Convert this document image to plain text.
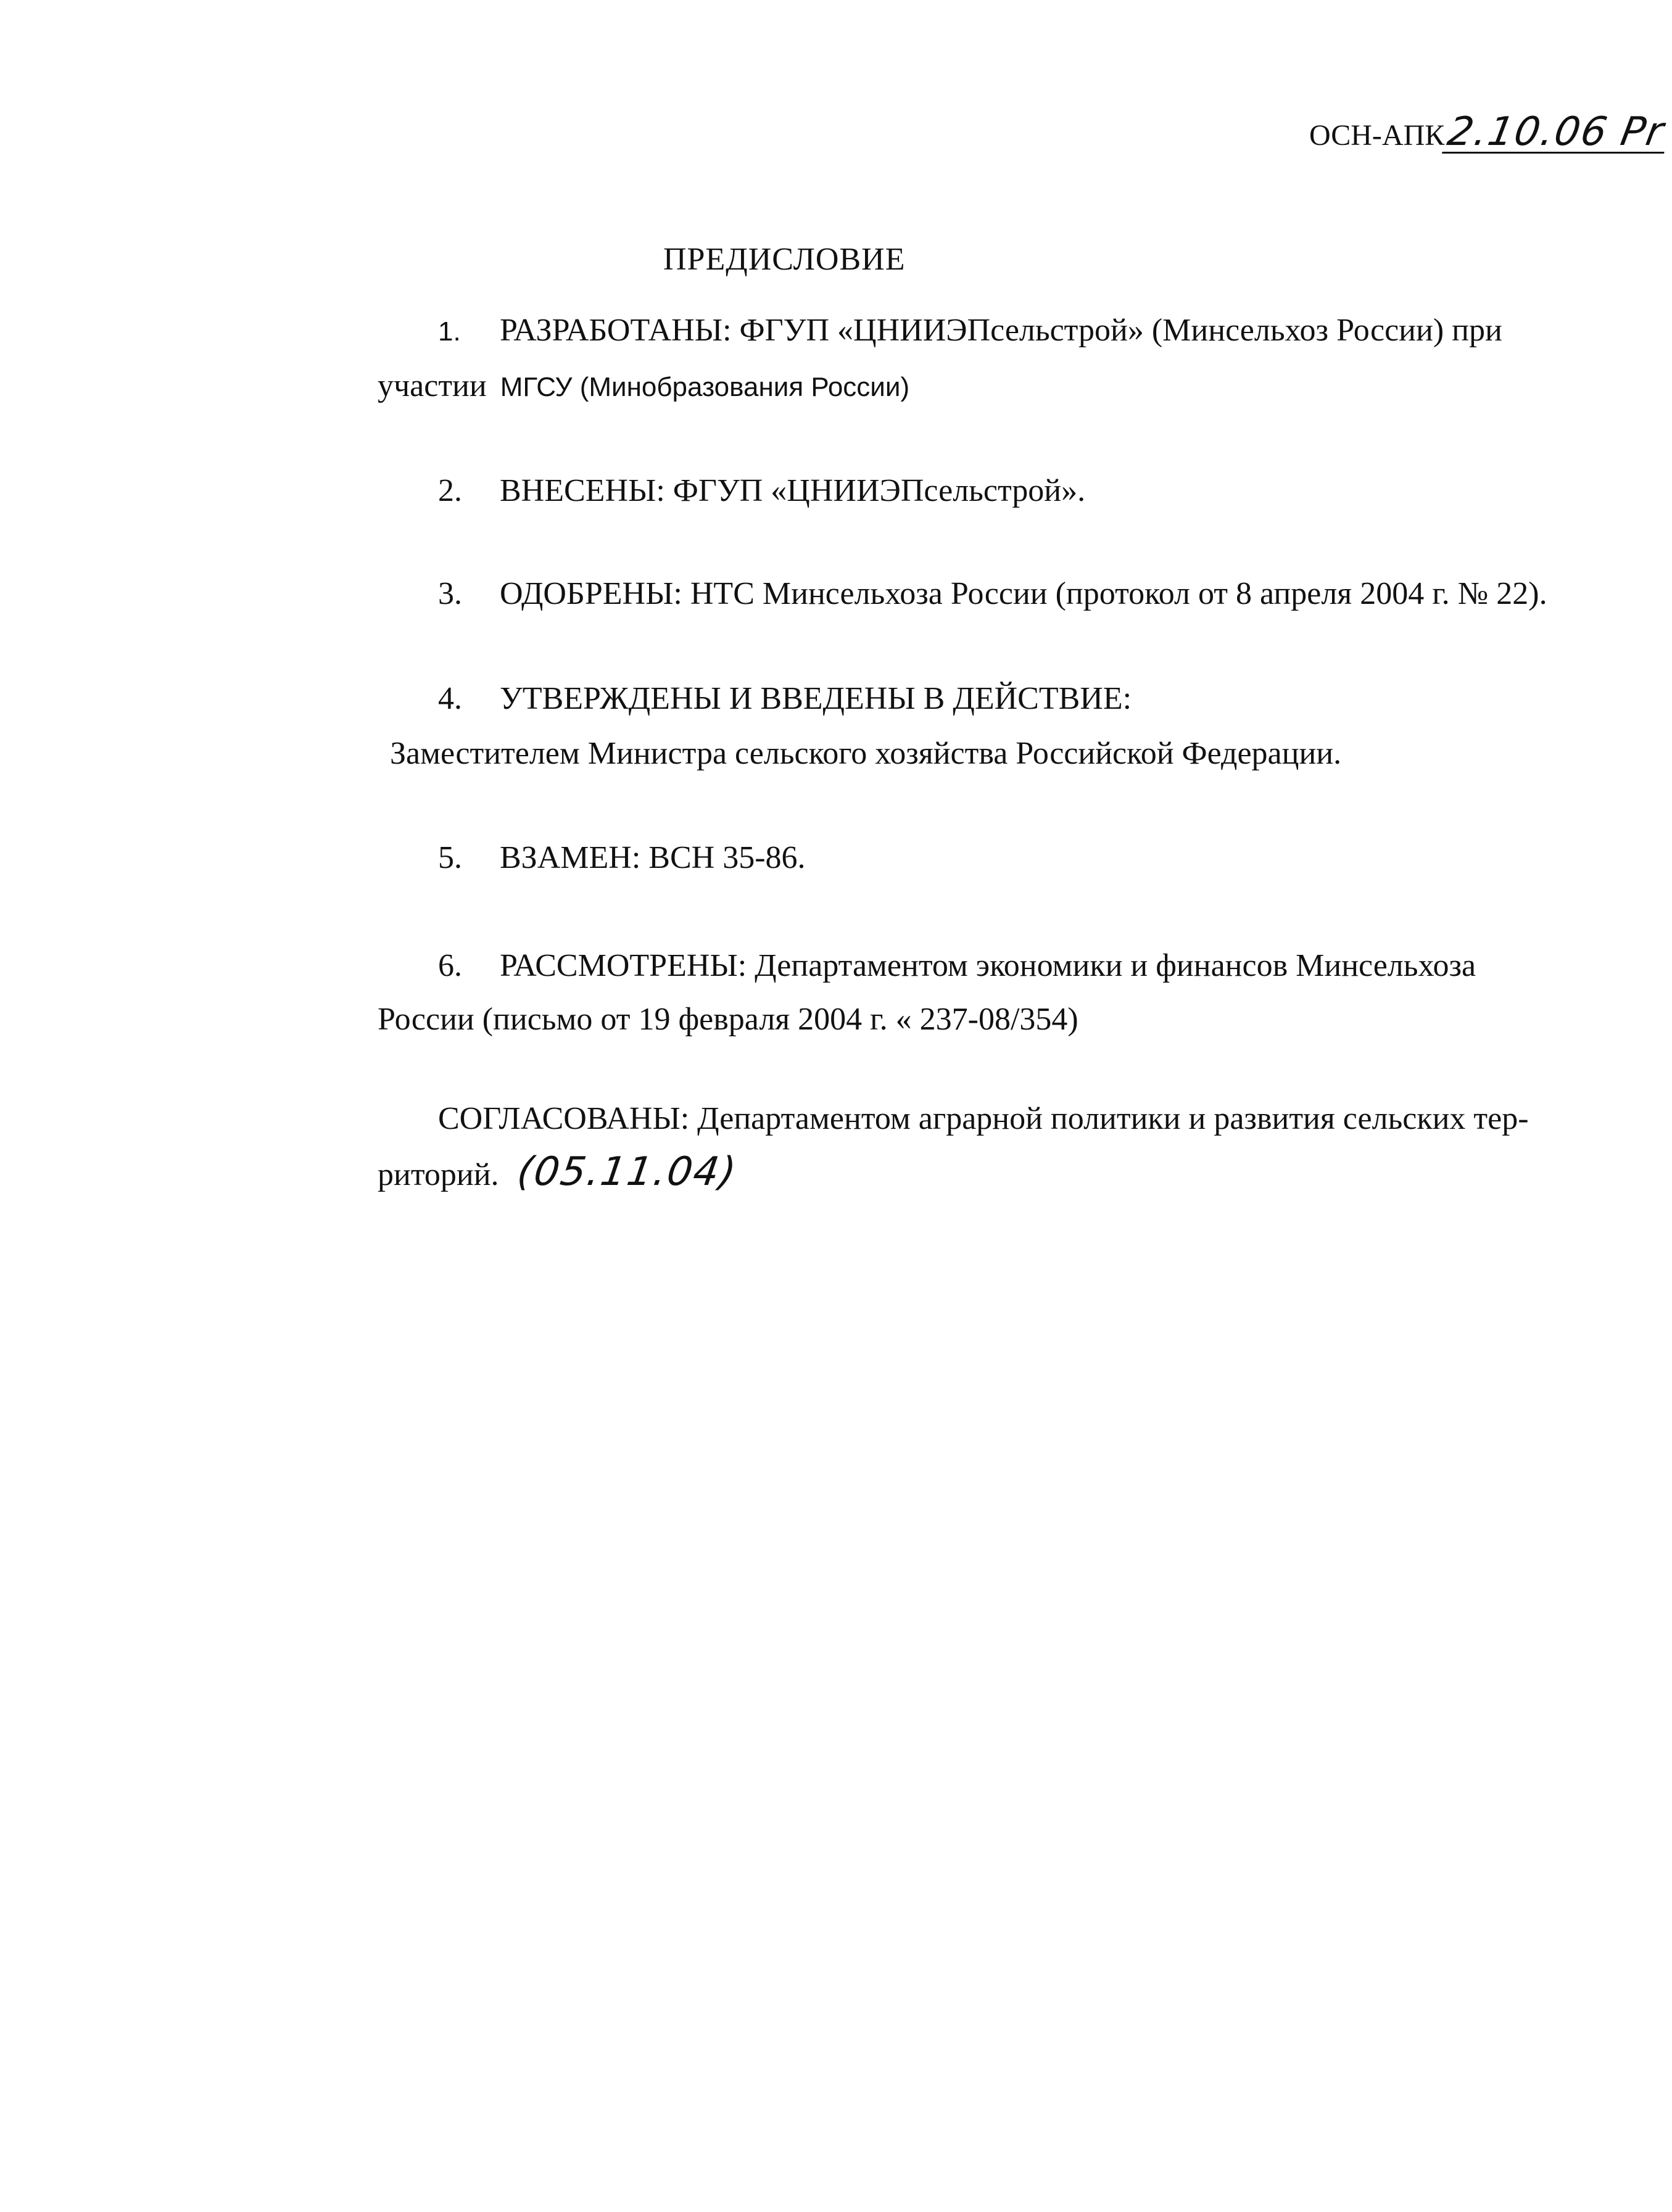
ОСН-АПК2.10.06 Pr
ПРЕДИСЛОВИЕ
1. РАЗРАБОТАНЫ: ФГУП «ЦНИИЭПсельстрой» (Минсельхоз России) при
участии МГСУ (Минобразования России)
2. ВНЕСЕНЫ: ФГУП «ЦНИИЭПсельстрой».
3. ОДОБРЕНЫ: НТС Минсельхоза России (протокол от 8 апреля 2004 г. № 22).
4. УТВЕРЖДЕНЫ И ВВЕДЕНЫ В ДЕЙСТВИЕ:
Заместителем Министра сельского хозяйства Российской Федерации.
5. ВЗАМЕН: ВСН 35-86.
6. РАССМОТРЕНЫ: Департаментом экономики и финансов Минсельхоза
России (письмо от 19 февраля 2004 г. « 237-08/354)
СОГЛАСОВАНЫ: Департаментом аграрной политики и развития сельских тер-
риторий. (05.11.04)
